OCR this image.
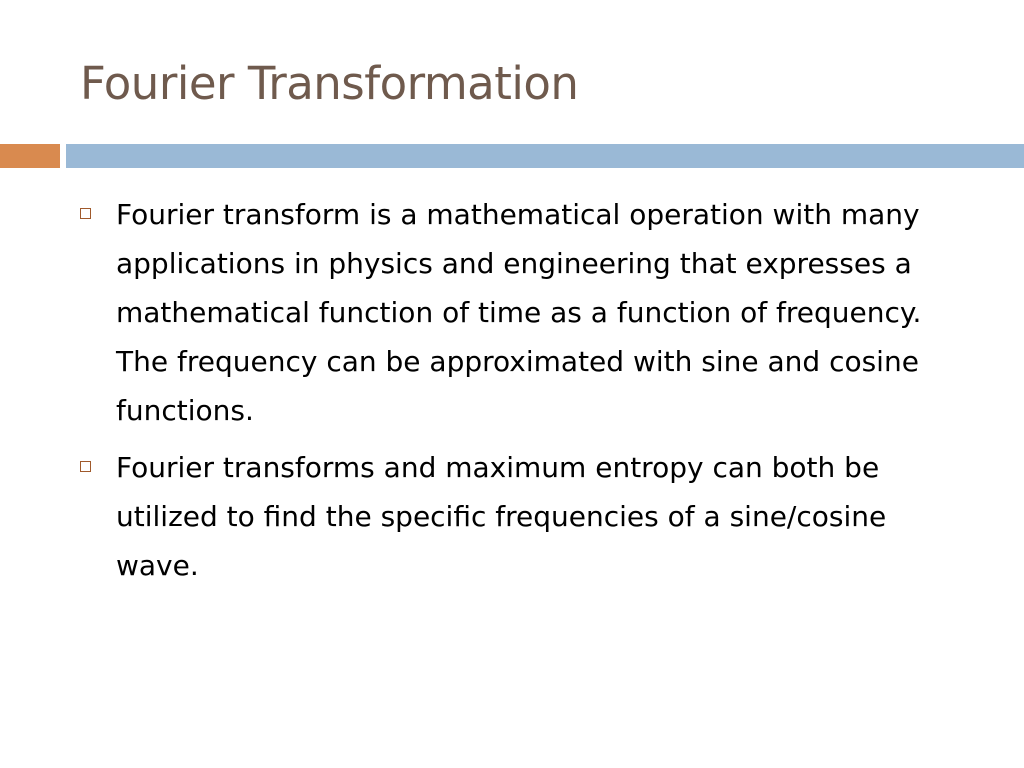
Fourier Transformation
Fourier transform is a mathematical operation with many applications in physics and engineering that expresses a mathematical function of time as a function of frequency.  The frequency can be approximated with sine and cosine functions.
Fourier transforms and maximum entropy can both be utilized to find the specific frequencies of a sine/cosine wave.
